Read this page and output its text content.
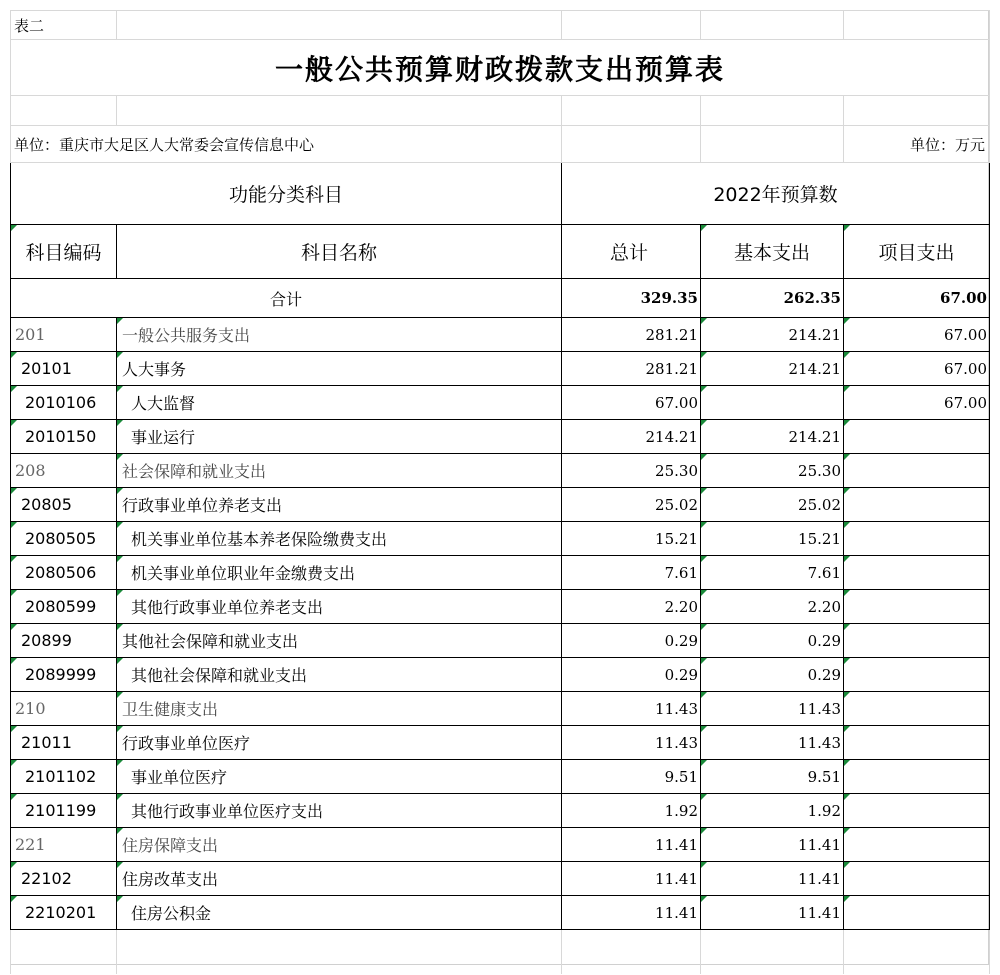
表二				
一般公共预算财政拨款支出预算表				

单位：重庆市大足区人大常委会宣传信息中心				单位：万元
功能分类科目		2022年预算数		
科目编码	科目名称	总计	基本支出	项目支出
合计		329.35	262.35	67.00
201	一般公共服务支出	281.21	214.21	67.00
20101	人大事务	281.21	214.21	67.00
2010106	人大监督	67.00		67.00
2010150	事业运行	214.21	214.21	
208	社会保障和就业支出	25.30	25.30	
20805	行政事业单位养老支出	25.02	25.02	
2080505	机关事业单位基本养老保险缴费支出	15.21	15.21	
2080506	机关事业单位职业年金缴费支出	7.61	7.61	
2080599	其他行政事业单位养老支出	2.20	2.20	
20899	其他社会保障和就业支出	0.29	0.29	
2089999	其他社会保障和就业支出	0.29	0.29	
210	卫生健康支出	11.43	11.43	
21011	行政事业单位医疗	11.43	11.43	
2101102	事业单位医疗	9.51	9.51	
2101199	其他行政事业单位医疗支出	1.92	1.92	
221	住房保障支出	11.41	11.41	
22102	住房改革支出	11.41	11.41	
2210201	住房公积金	11.41	11.41	
